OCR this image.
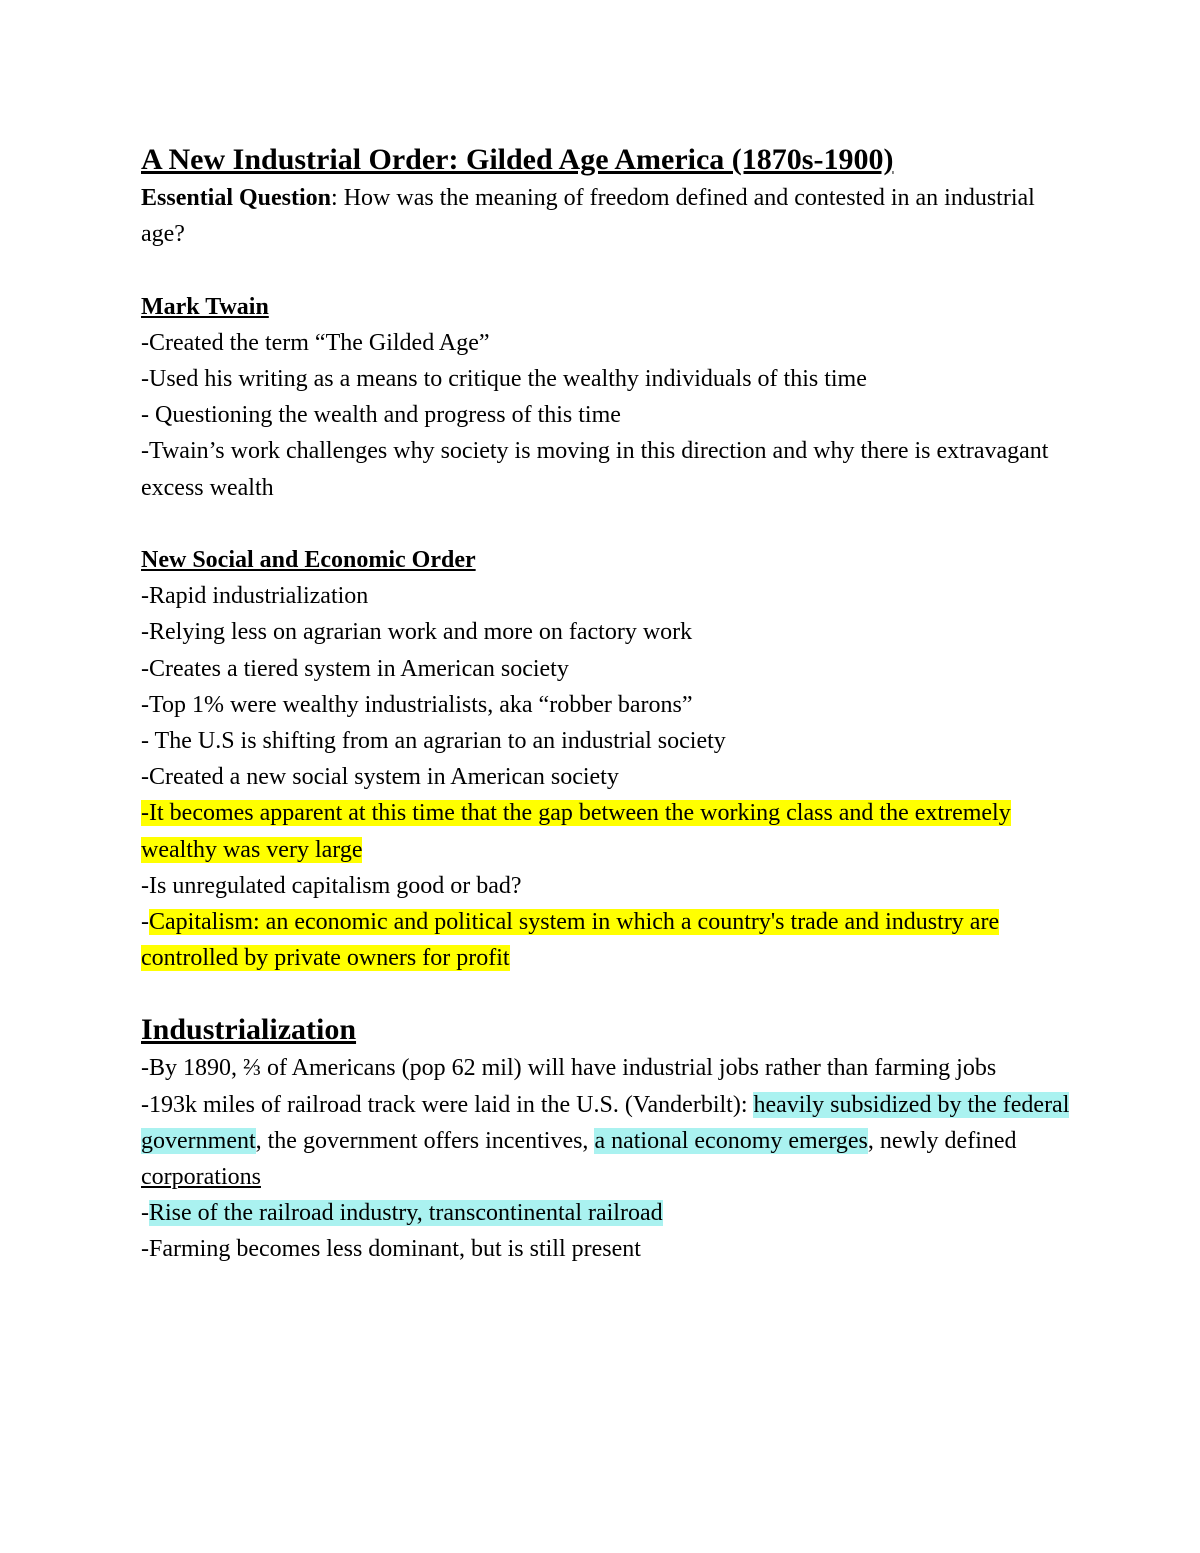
A New Industrial Order: Gilded Age America (1870s-1900)

Essential Question: How was the meaning of freedom defined and contested in an industrial age?

Mark Twain

-Created the term “The Gilded Age”

-Used his writing as a means to critique the wealthy individuals of this time

- Questioning the wealth and progress of this time

-Twain’s work challenges why society is moving in this direction and why there is extravagant excess wealth

New Social and Economic Order

-Rapid industrialization

-Relying less on agrarian work and more on factory work

-Creates a tiered system in American society

-Top 1% were wealthy industrialists, aka “robber barons”

- The U.S is shifting from an agrarian to an industrial society

-Created a new social system in American society

-It becomes apparent at this time that the gap between the working class and the extremely wealthy was very large

-Is unregulated capitalism good or bad?

-Capitalism: an economic and political system in which a country's trade and industry are controlled by private owners for profit

Industrialization

-By 1890, ⅔ of Americans (pop 62 mil) will have industrial jobs rather than farming jobs

-193k miles of railroad track were laid in the U.S. (Vanderbilt): heavily subsidized by the federal government, the government offers incentives, a national economy emerges, newly defined corporations

-Rise of the railroad industry, transcontinental railroad

-Farming becomes less dominant, but is still present
